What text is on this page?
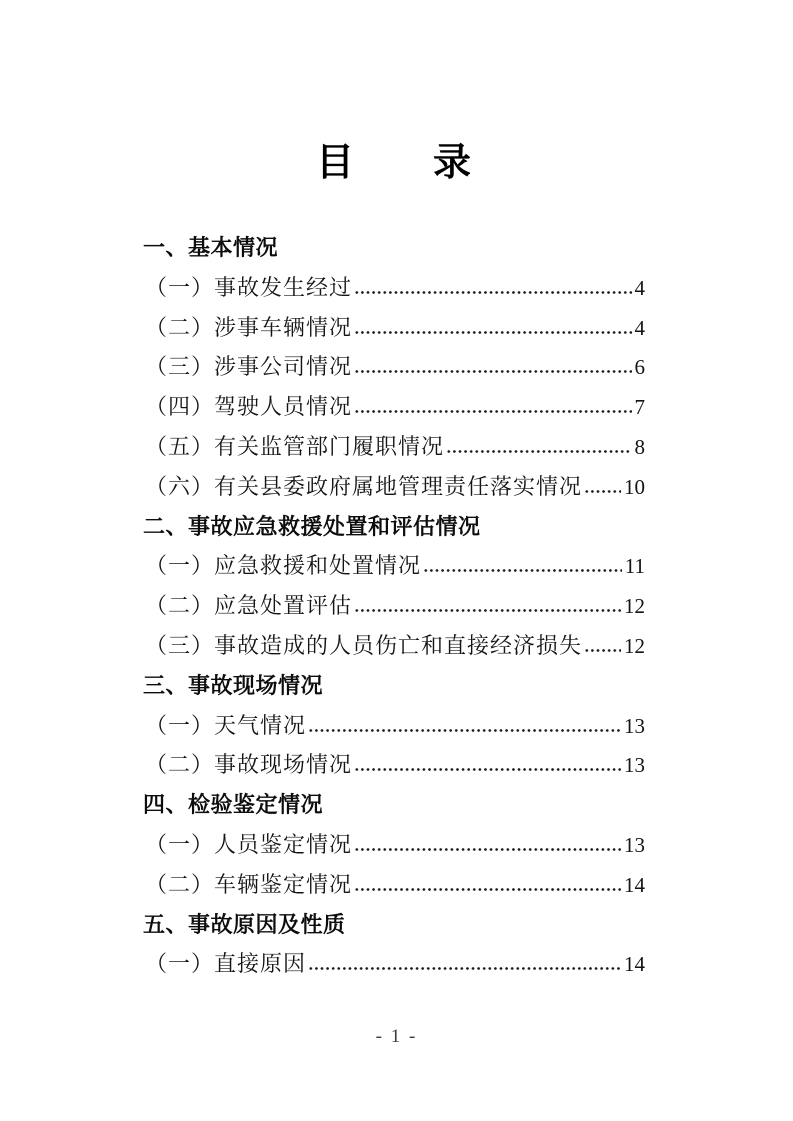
目　　录
一、基本情况
（一）事故发生经过	4
（二）涉事车辆情况	4
（三）涉事公司情况	6
（四）驾驶人员情况	7
（五）有关监管部门履职情况	8
（六）有关县委政府属地管理责任落实情况 10
二、事故应急救援处置和评估情况
（一）应急救援和处置情况	11
（二）应急处置评估	12
（三）事故造成的人员伤亡和直接经济损失 12
三、事故现场情况
（一）天气情况	13
（二）事故现场情况	13
四、检验鉴定情况
（一）人员鉴定情况	13
（二）车辆鉴定情况	14
五、事故原因及性质
（一）直接原因	14
- 1 -
